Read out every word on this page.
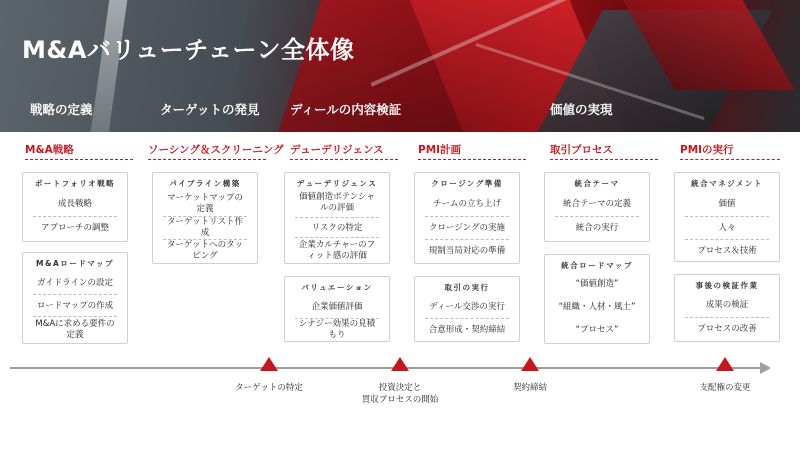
M&Aバリューチェーン全体像
戦略の定義	ターゲットの発見 ディールの内容検証	価値の実現
M&A戦略
ポートフォリオ戦略
成長戦略
アプローチの調整
M&Aロードマップ
ガイドラインの設定
ロードマップの作成
M&Aに求める要件の定義
ソーシング＆スクリーニング
パイプライン構築
マーケットマップの定義
ターゲットリスト作成
ターゲットへのタッピング
デューデリジェンス
デューデリジェンス
価値創造ポテンシャルの評価
リスクの特定
企業カルチャーのフィット感の評価
バリュエーション
企業価値評価
シナジー効果の見積もり
PMI計画
クロージング準備
チームの立ち上げ
クロージングの実施
規制当局対応の準備
取引の実行
ディール交渉の実行
合意形成・契約締結
取引プロセス
統合テーマ
統合テーマの定義
統合の実行
統合ロードマップ
“価値創造”
“組織・人材・風土”
“プロセス”
PMIの実行
統合マネジメント
価値
人々
プロセス＆技術
事後の検証作業
成果の検証
プロセスの改善
ターゲットの特定	投資決定と
買収プロセスの開始
契約締結	支配権の変更
